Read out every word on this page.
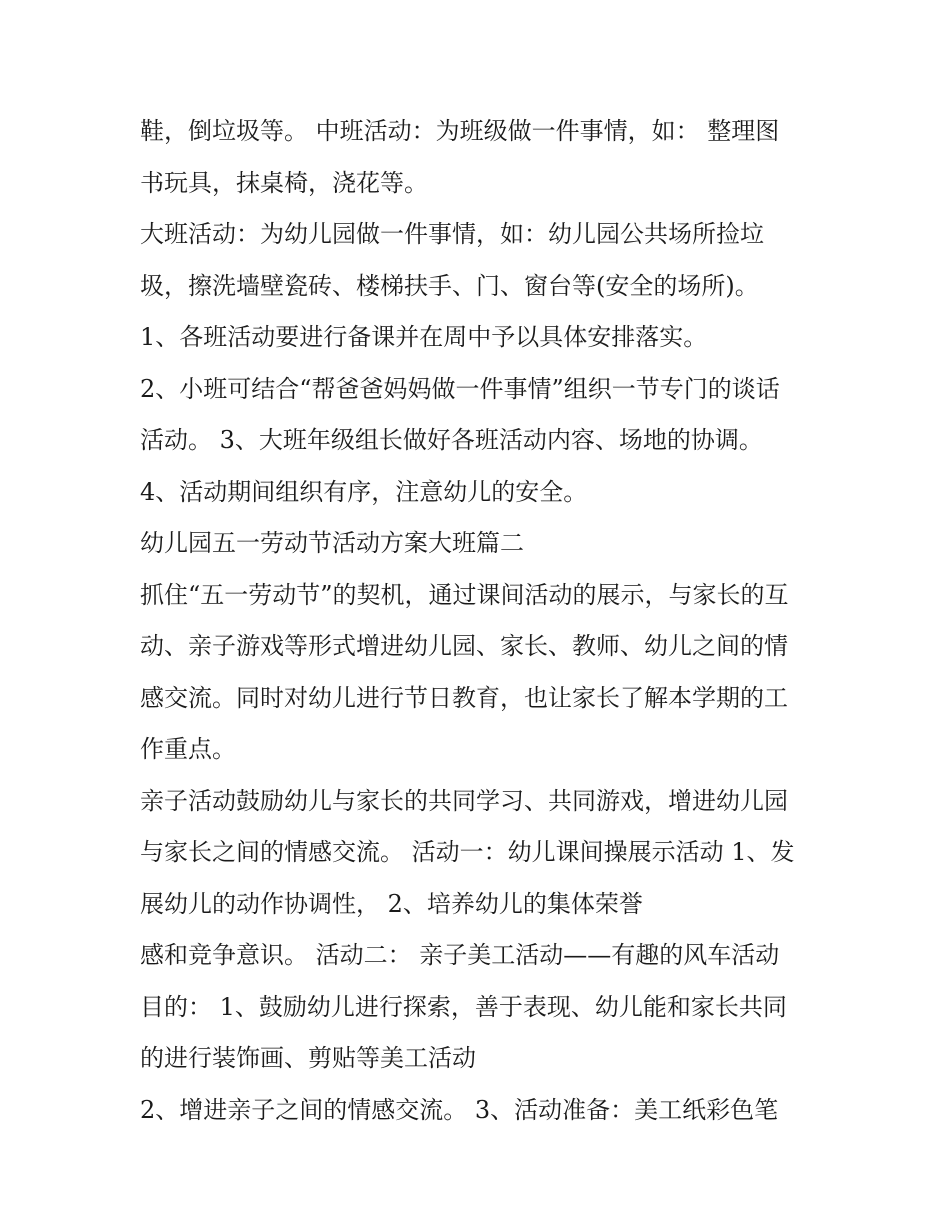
鞋，倒垃圾等。 中班活动：为班级做一件事情，如： 整理图
书玩具，抹桌椅，浇花等。
大班活动：为幼儿园做一件事情，如：幼儿园公共场所捡垃
圾，擦洗墙壁瓷砖、楼梯扶手、门、窗台等(安全的场所)。
1、各班活动要进行备课并在周中予以具体安排落实。
2、小班可结合“帮爸爸妈妈做一件事情”组织一节专门的谈话
活动。 3、大班年级组长做好各班活动内容、场地的协调。
4、活动期间组织有序，注意幼儿的安全。
幼儿园五一劳动节活动方案大班篇二
抓住“五一劳动节”的契机，通过课间活动的展示，与家长的互
动、亲子游戏等形式增进幼儿园、家长、教师、幼儿之间的情
感交流。同时对幼儿进行节日教育，也让家长了解本学期的工
作重点。
亲子活动鼓励幼儿与家长的共同学习、共同游戏，增进幼儿园
与家长之间的情感交流。 活动一：幼儿课间操展示活动 1、发
展幼儿的动作协调性， 2、培养幼儿的集体荣誉
感和竞争意识。 活动二： 亲子美工活动——有趣的风车活动
目的： 1、鼓励幼儿进行探索，善于表现、幼儿能和家长共同
的进行装饰画、剪贴等美工活动
2、增进亲子之间的情感交流。 3、活动准备：美工纸彩色笔
